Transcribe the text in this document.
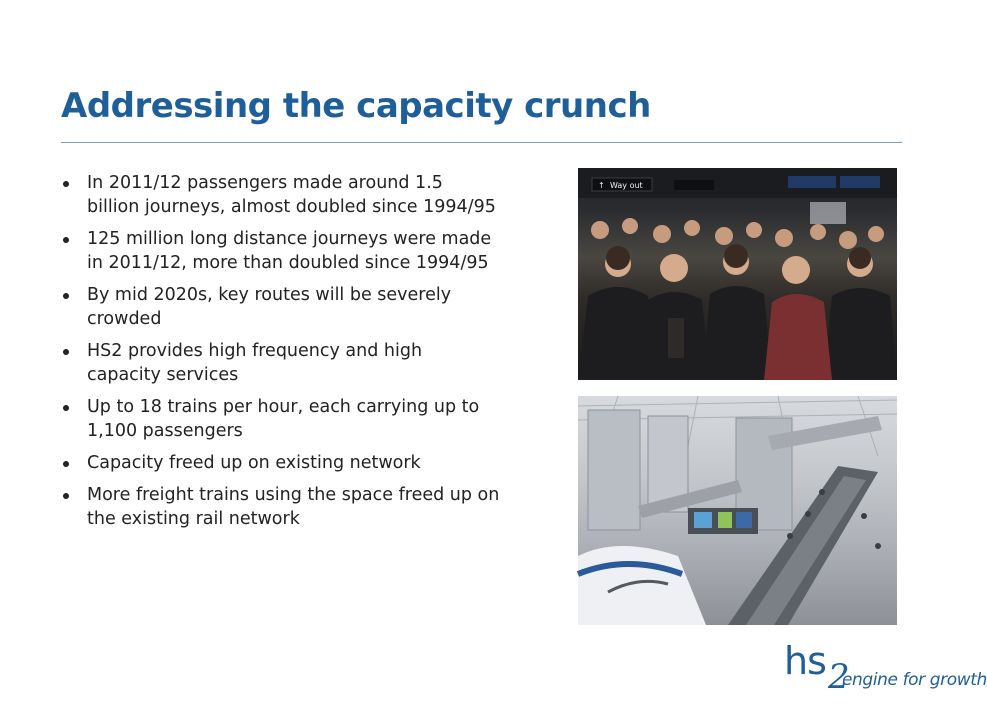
Addressing the capacity crunch
In 2011/12 passengers made around 1.5 billion journeys, almost doubled since 1994/95
125 million long distance journeys were made in 2011/12, more than doubled since 1994/95
By mid 2020s, key routes will be severely crowded
HS2 provides high frequency and high capacity services
Up to 18 trains per hour, each carrying up to 1,100 passengers
Capacity freed up on existing network
More freight trains using the space freed up on the existing rail network
↑ Way out
hs 2
engine for growth
